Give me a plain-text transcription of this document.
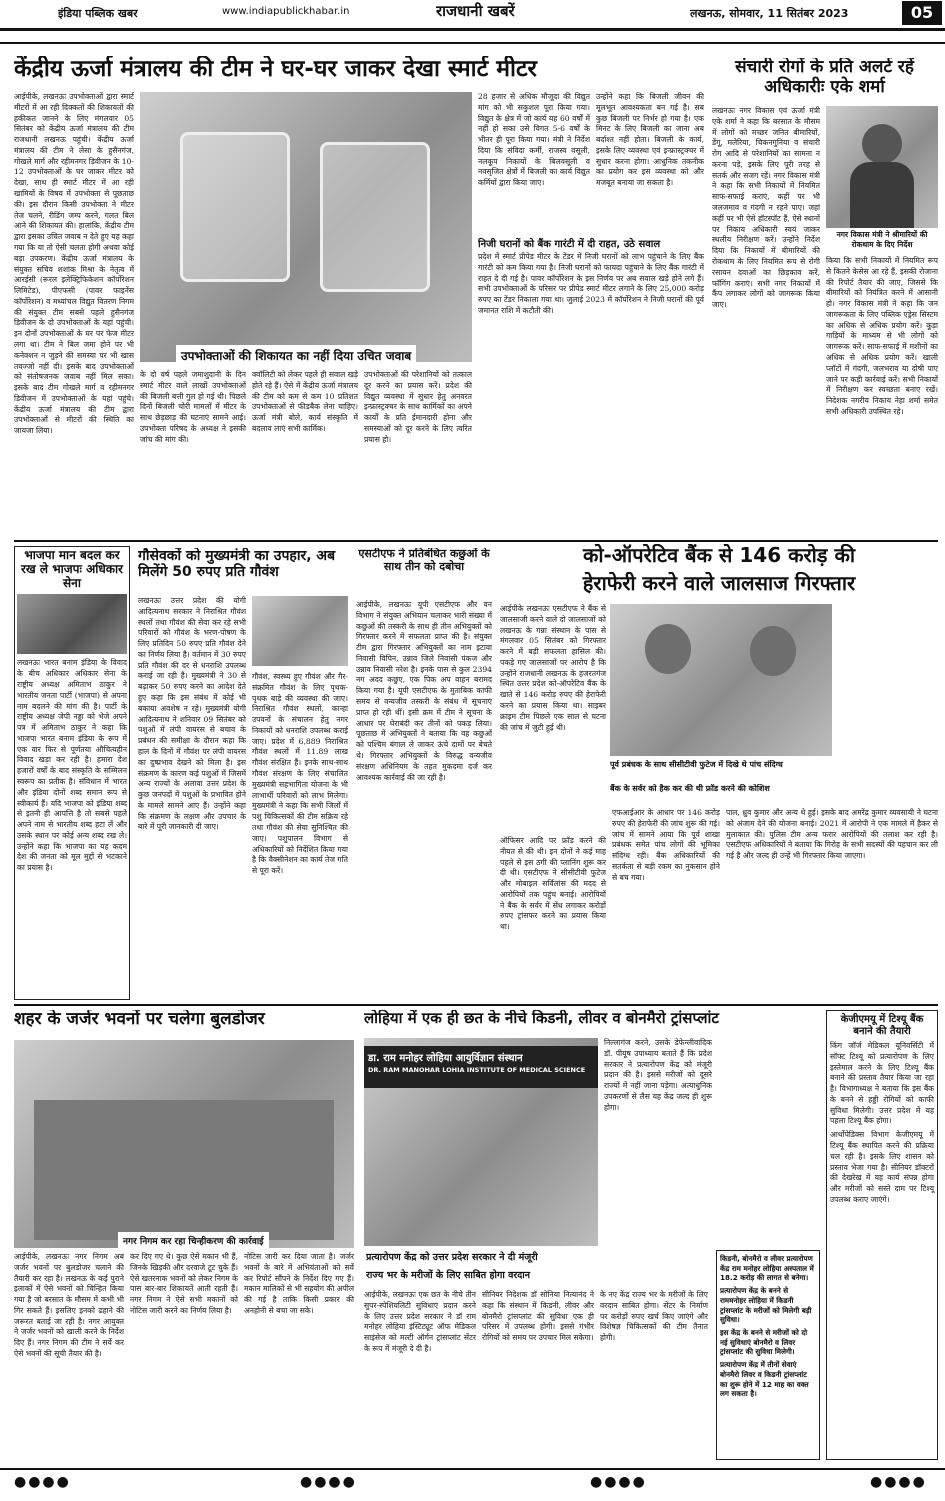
इंडिया पब्लिक खबर	www.indiapublickhabar.in	राजधानी खबरें	लखनऊ, सोमवार, 11 सितंबर 2023	05
केंद्रीय ऊर्जा मंत्रालय की टीम ने घर-घर जाकर देखा स्मार्ट मीटर
आईपीके, लखनऊः उपभोक्ताओं द्वारा स्मार्ट मीटरों में आ रही दिक्कतों की शिकायतों की हकीकत जानने के लिए मंगलवार 05 सितंबर को केंद्रीय ऊर्जा मंत्रालय की टीम राजधानी लखनऊ पहुंची। केंद्रीय ऊर्जा मंत्रालय की टीम ने लेसा के हुसैनगंज, गोखले मार्ग और रहीमनगर डिवीजन के 10-12 उपभोक्ताओं के घर जाकर मीटर को देखा, साथ ही स्मार्ट मीटर में आ रही खामियों के विषय में उपभोक्ता से पूछताछ की। इस दौरान किसी उपभोक्ता ने मीटर तेज चलने, रीडिंग जम्प करने, गलत बिल आने की शिकायत की। हालांकि, केंद्रीय टीम द्वारा इसका उचित जवाब न देते हुए यह कहा गया कि या तो ऐसी चलता होगी अथवा कोई बड़ा उपकरण। केंद्रीय ऊर्जा मंत्रालय के संयुक्त सचिव शशांक मिश्रा के नेतृत्व में आरईसी (रूरल इलेक्ट्रिफिकेशन कॉर्पोरेशन लिमिटेड), पीएफसी (पावर फाइनेंस कॉर्पोरेशन) व मध्यांचल विद्युत वितरण निगम की संयुक्त टीम सबसे पहले हुसैनगंज डिवीजन के दो उपभोक्ताओं के यहां पहुंची। इन दोनों उपभोक्ताओं के घर पर फेज मीटर लगा था। टीम ने बिल जमा होने पर भी कनेक्शन न जुड़ने की समस्या पर भी खास तवज्जो नहीं दी। इसके बाद उपभोक्ताओं को संतोषजनक जवाब नहीं मिल सका। इसके बाद टीम गोखले मार्ग व रहीमनगर डिवीजन में उपभोक्ताओं के यहां पहुंचे। केंद्रीय ऊर्जा मंत्रालय की टीम द्वारा उपभोक्ताओं से मीटरों की स्थिति का जायजा लिया।
उपभोक्ताओं की शिकायत का नहीं दिया उचित जवाब
28 हजार से अधिक मौजूदा की विद्युत मांग को भी सकुशल पूरा किया गया। विद्युत के क्षेत्र में जो कार्य यह 60 वर्षों में नहीं हो सका उसे विगत 5-6 वर्षों के भीतर ही पूरा किया गया। मंत्री ने निर्देश दिया कि संविदा कर्मी, राजस्व वसूली, नलकूप निकायों के बिलवसूली व नवसृजित क्षेत्रों में बिजली का कार्य विद्युत कर्मियों द्वारा किया जाए।
उन्होंने कहा कि बिजली जीवन की मूलभूत आवश्यकता बन गई है। सब कुछ बिजली पर निर्भर हो गया है। एक मिनट के लिए बिजली का जाना अब बर्दाश्त नहीं होता। बिजली के कार्य, इसके लिए व्यवस्था एवं इन्फ्रास्ट्रक्चर में सुधार करना होगा। आधुनिक तकनीक का प्रयोग कर इस व्यवस्था को और मजबूत बनाया जा सकता है।
निजी घरानों को बैंक गारंटी में दी राहत, उठे सवाल
प्रदेश में स्मार्ट प्रीपेड मीटर के टेंडर में निजी घरानों को लाभ पहुंचाने के लिए बैंक गारंटी को कम किया गया है। निजी घरानों को फायदा पहुंचाने के लिए बैंक गारंटी में राहत दे दी गई है। पावर कॉर्पोरेशन के इस निर्णय पर अब सवाल खड़े होने लगे हैं। सभी उपभोक्ताओं के परिसर पर प्रीपेड स्मार्ट मीटर लगाने के लिए 25,000 करोड़ रुपए का टेंडर निकाला गया था। जुलाई 2023 में कॉर्पोरेशन ने निजी घरानों की पूर्व जमानत राशि में कटौती की।
के दो वर्ष पहले जमाशुदानी के दिन स्मार्ट मीटर वाले लाखों उपभोक्ताओं की बिजली बत्ती गुल हो गई थी। पिछले दिनों बिजली चोरी मामलों में मीटर के साथ छेड़छाड़ की घटनाएं सामने आई। उपभोक्ता परिषद के अध्यक्ष ने इसकी जांच की मांग की।
क्वॉलिटी को लेकर पहले ही सवाल खड़े होते रहे हैं। ऐसे में केंद्रीय ऊर्जा मंत्रालय की टीम को कम से कम 10 प्रतिशत उपभोक्ताओं से फीडबैक लेना चाहिए। ऊर्जा मंत्री बोले, कार्य संस्कृति में बदलाव लाएं सभी कार्मिक।
उपभोक्ताओं की परेशानियों को तत्काल दूर करने का प्रयास करें। प्रदेश की विद्युत व्यवस्था में सुधार हेतु अनवरत इन्फ्रास्ट्रक्चर के साथ कार्मिकों का अपने कार्यों के प्रति ईमानदारी होना और समस्याओं को दूर करने के लिए त्वरित प्रयास हो।
संचारी रोगों के प्रति अलर्ट रहें अधिकारीः एके शर्मा
लखनऊः नगर विकास एवं ऊर्जा मंत्री एके शर्मा ने कहा कि बरसात के मौसम में लोगों को मच्छर जनित बीमारियों, डेंगू, मलेरिया, चिकनगुनिया व संचारी रोग आदि से परेशानियों का सामना न करना पड़े, इसके लिए पूरी तरह से सतर्क और सजग रहें। नगर विकास मंत्री ने कहा कि सभी निकायों में नियमित साफ-सफाई कराएं, कहीं पर भी जलजमाव व गंदगी न रहने पाए। जहां कहीं पर भी ऐसे हॉटस्पॉट हैं, ऐसे स्थानों पर निकाय अधिकारी स्वयं जाकर स्थलीय निरीक्षण करें। उन्होंने निर्देश दिया कि निकायों में बीमारियों की रोकथाम के लिए नियमित रूप से रोगी रसायन दवाओं का छिड़काव करें, फॉगिंग कराएं। सभी नगर निकायों में कैंप लगाकर लोगों को जागरूक किया जाए।
नगर विकास मंत्री ने श्रीमारियों की रोकथाम के दिए निर्देश
किया कि सभी निकायों में नियमित रूप से कितने केसेस आ रहे हैं, इसकी रोजाना की रिपोर्ट तैयार की जाए, जिससे कि बीमारियों को नियंत्रित करने में आसानी हो। नगर विकास मंत्री ने कहा कि जन जागरूकता के लिए पब्लिक एड्रेस सिस्टम का अधिक से अधिक प्रयोग करें। कूड़ा गाड़ियों के माध्यम से भी लोगों को जागरूक करें। साफ-सफाई में मशीनों का अधिक से अधिक प्रयोग करें। खाली प्लॉटों में गंदगी, जलभराव या दोषी पाए जाने पर कड़ी कार्रवाई करें। सभी निकायों में निरीक्षण कर स्वच्छता बनाए रखें। निदेशक नगरीय निकाय नेहा शर्मा समेत सभी अधिकारी उपस्थित रहे।
भाजपा मान बदल कर रख ले भाजपः अधिकार सेना
लखनऊः भारत बनाम इंडिया के विवाद के बीच अधिकार अधिकार सेना के राष्ट्रीय अध्यक्ष अमिताभ ठाकुर ने भारतीय जनता पार्टी (भाजपा) से अपना नाम बदलने की मांग की है। पार्टी के राष्ट्रीय अध्यक्ष जेपी नड्डा को भेजे अपने पत्र में अमिताभ ठाकुर ने कहा कि भाजपा भारत बनाम इंडिया के रूप में एक वार फिर से पूर्णतया औचित्यहीन विवाद खड़ा कर रही है। हमारा देश हजारों वर्षों के बाद संस्कृति के सम्मिलन स्वरूप का प्रतीक है। संविधान में भारत और इंडिया दोनों शब्द समान रूप से स्वीकार्य हैं। यदि भाजपा को इंडिया शब्द से इतनी ही आपत्ति है तो सबसे पहले अपने नाम से भारतीय शब्द हटा लें और उसके स्थान पर कोई अन्य शब्द रख ले। उन्होंने कहा कि भाजपा का यह कदम देश की जनता को मूल मुद्दों से भटकाने का प्रयास है।
गौसेवकों को मुख्यमंत्री का उपहार, अब मिलेंगे 50 रुपए प्रति गौवंश
लखनऊः उत्तर प्रदेश की योगी आदित्यनाथ सरकार ने निराश्रित गौवंश स्थलों तथा गौवंश की सेवा कर रहे सभी परिवारों को गौवंश के भरण-पोषण के लिए प्रतिदिन 50 रुपए प्रति गौवंश देने का निर्णय लिया है। वर्तमान में 30 रुपए प्रति गौवंश की दर से धनराशि उपलब्ध कराई जा रही है। मुख्यमंत्री ने 30 से बढ़ाकर 50 रुपए करने का आदेश देते हुए कहा कि इस संबंध में कोई भी बकाया अवशेष न रहे। मुख्यमंत्री योगी आदित्यनाथ ने शनिवार 09 सितंबर को पशुओं में लंपी वायरस से बचाव के प्रबंधन की समीक्षा के दौरान कहा कि हाल के दिनों में गौवंश पर लंपी वायरस का दुष्प्रभाव देखने को मिला है। इस संक्रमण के कारण कई पशुओं में जिसमें अन्य राज्यों के अलावा उत्तर प्रदेश के कुछ जनपदों में पशुओं के प्रभावित होने के मामले सामने आए हैं। उन्होंने कहा कि संक्रमण के लक्षण और उपचार के बारे में पूरी जानकारी दी जाए।
गौवंश, स्वस्थ्य हुए गौवंश और गैर-संक्रमित गौवंश के लिए पृथक-पृथक बाड़े की व्यवस्था की जाए। निराश्रित गौवंश स्थलों, कान्हा उपवनों के संचालन हेतु नगर निकायों को धनराशि उपलब्ध कराई जाए। प्रदेश में 6,889 निराश्रित गौवंश स्थलों में 11.89 लाख गौवंश संरक्षित हैं। इनके साथ-साथ गौवंश संरक्षण के लिए संचालित मुख्यमंत्री सहभागिता योजना के भी लाभार्थी परिवारों को लाभ मिलेगा। मुख्यमंत्री ने कहा कि सभी जिलों में पशु चिकित्सकों की टीम सक्रिय रहे तथा गौवंश की सेवा सुनिश्चित की जाए। पशुपालन विभाग से अधिकारियों को निर्देशित किया गया है कि वैक्सीनेशन का कार्य तेज गति से पूरा करें।
एसटीएफ ने प्रतिबंधित कछुओं के साथ तीन को दबोचा
आईपीके, लखनऊः यूपी एसटीएफ और वन विभाग ने संयुक्त अभियान चलाकर भारी संख्या में कछुओं की तस्करी के साथ ही तीन अभियुक्तों को गिरफ्तार करने में सफलता प्राप्त की है। संयुक्त टीम द्वारा गिरफ्तार अभियुक्तों का नाम इटावा निवासी विपिन, उन्नाव जिले निवासी पंकज और उन्नाव निवासी नरेश है। इनके पास से कुल 2394 नग अदद कछुए, एक पिक अप वाहन बरामद किया गया है। यूपी एसटीएफ के मुताबिक काफी समय से वन्यजीव तस्करी के संबंध में सूचनाएं प्राप्त हो रही थीं। इसी क्रम में टीम ने सूचना के आधार पर घेराबंदी कर तीनों को पकड़ लिया। पूछताछ में अभियुक्तों ने बताया कि वह कछुओं को पश्चिम बंगाल ले जाकर ऊंचे दामों पर बेचते थे। गिरफ्तार अभियुक्तों के विरुद्ध वन्यजीव संरक्षण अधिनियम के तहत मुकदमा दर्ज कर आवश्यक कार्रवाई की जा रही है।
को-ऑपरेटिव बैंक से 146 करोड़ की
हेराफेरी करने वाले जालसाज गिरफ्तार
आईपीके लखनऊः एसटीएफ ने बैंक से जालसाजी करने वाले दो जालसाजों को लखनऊ के गन्ना संस्थान के पास से मंगलवार 05 सितंबर को गिरफ्तार करने में बड़ी सफलता हासिल की। पकड़े गए जालसाजों पर आरोप है कि उन्होंने राजधानी लखनऊ के हजरतगंज स्थित उत्तर प्रदेश को-ऑपरेटिव बैंक के खाते से 146 करोड़ रुपए की हेराफेरी करने का प्रयास किया था। साइबर क्राइम टीम पिछले एक साल से घटना की जांच में जुटी हुई थी।
पूर्व प्रबंधक के साथ सीसीटीवी फुटेज में दिखे थे पांच संदिग्ध
बैंक के सर्वर को हैक कर की थी फ्रॉड करने की कोशिश
ऑफिसर आदि पर फ्रॉड करने की नीयत से की थी। इन दोनों ने कई माह पहले से इस ठगी की प्लानिंग शुरू कर दी थी। एसटीएफ ने सीसीटीवी फुटेज और मोबाइल सर्विलांस की मदद से आरोपियों तक पहुंच बनाई। आरोपियों ने बैंक के सर्वर में सेंध लगाकर करोड़ों रुपए ट्रांसफर करने का प्रयास किया था।
एफआईआर के आधार पर 146 करोड़ रुपए की हेराफेरी की जांच शुरू की गई। जांच में सामने आया कि पूर्व शाखा प्रबंधक समेत पांच लोगों की भूमिका संदिग्ध रही। बैंक अधिकारियों की सतर्कता से बड़ी रकम का नुकसान होने से बच गया।
पाल, ध्रुव कुमार और अन्य थे हुई। इसके बाद अमरेंद्र कुमार व्यवसायी ने घटना को अंजाम देने की योजना बनाई। 2021 में आरोपी ने एक मामले में हैकर से मुलाकात की। पुलिस टीम अन्य फरार आरोपियों की तलाश कर रही है। एसटीएफ अधिकारियों ने बताया कि गिरोह के सभी सदस्यों की पहचान कर ली गई है और जल्द ही उन्हें भी गिरफ्तार किया जाएगा।
शहर के जर्जर भवनों पर चलेगा बुलडोजर
नगर निगम कर रहा चिन्हीकरण की कार्रवाई
आईपीके, लखनऊः नगर निगम अब जर्जर भवनों पर बुलडोजर चलाने की तैयारी कर रहा है। लखनऊ के कई पुराने इलाकों में ऐसे भवनों को चिन्हित किया गया है जो बरसात के मौसम में कभी भी गिर सकते हैं। इसलिए इनको ढहाने की जरूरत बताई जा रही है। नगर आयुक्त ने जर्जर भवनों को खाली करने के निर्देश दिए हैं। नगर निगम की टीम ने सर्वे कर ऐसे भवनों की सूची तैयार की है।
कर दिए गए थे। कुछ ऐसे मकान भी हैं, जिनके खिड़की और दरवाजे टूट चुके हैं। ऐसे खतरनाक भवनों को लेकर निगम के पास बार-बार शिकायतें आती रहती हैं। नगर निगम ने ऐसे सभी मकानों को नोटिस जारी करने का निर्णय लिया है।
नोटिस जारी कर दिया जाता है। जर्जर भवनों के बारे में अभियंताओं को सर्वे कर रिपोर्ट सौंपने के निर्देश दिए गए हैं। मकान मालिकों से भी सहयोग की अपील की गई है ताकि किसी प्रकार की अनहोनी से बचा जा सके।
लोहिया में एक ही छत के नीचे किडनी, लीवर व बोनमैरो ट्रांसप्लांट
डा. राम मनोहर लोहिया आयुर्विज्ञान संस्थान
DR. RAM MANOHAR LOHIA INSTITUTE OF MEDICAL SCIENCE
प्रत्यारोपण केंद्र को उत्तर प्रदेश सरकार ने दी मंजूरी
राज्य भर के मरीजों के लिए साबित होगा वरदान
निल्लागंज करने, उसके डेफेन्लीवादिक डॉ. पीयूष उपाध्याय बताते हैं कि प्रदेश सरकार ने प्रत्यारोपण केंद्र को मंजूरी प्रदान की है। इससे मरीजों को दूसरे राज्यों में नहीं जाना पड़ेगा। अत्याधुनिक उपकरणों से लैस यह केंद्र जल्द ही शुरू होगा।
आईपीके, लखनऊः एक छत के नीचे तीन सुपर-स्पेशियलिटी सुविधाएं प्रदान करने के लिए उत्तर प्रदेश सरकार ने डॉ राम मनोहर लोहिया इंस्टिट्यूट ऑफ मेडिकल साइंसेज को मल्टी ऑर्गन ट्रांसप्लांट सेंटर के रूप में मंजूरी दे दी है।
सीनियर निदेशक डॉ सोनिया नित्यानंद ने कहा कि संस्थान में किडनी, लीवर और बोनमैरो ट्रांसप्लांट की सुविधा एक ही परिसर में उपलब्ध होगी। इससे गंभीर रोगियों को समय पर उपचार मिल सकेगा।
के नए केंद्र राज्य भर के मरीजों के लिए वरदान साबित होगा। सेंटर के निर्माण पर करोड़ों रुपए खर्च किए जाएंगे और विशेषज्ञ चिकित्सकों की टीम तैनात होगी।
किडनी, बोनमैरो व लीवर प्रत्यारोपण केंद्र राम मनोहर लोहिया अस्पताल में 18.2 करोड़ की लागत से बनेगा।
प्रत्यारोपण केंद्र के बनने से राममनोहर लोहिया में किडनी ट्रांसप्लांट के मरीजों को मिलेगी बड़ी सुविधा।
इस केंद्र के बनने से मरीजों को दो नई सुविधाएं बोनमैरो व लिवर ट्रांसप्लांट की सुविधा मिलेगी।
प्रत्यारोपण केंद्र में तीनों सेवाएं बोनमैरो लिवर व किडनी ट्रांसप्लांट का शुरू होने में 12 माह का वक्त लग सकता है।
केजीएमयू में टिश्यू बैंक बनाने की तैयारी
किंग जॉर्ज मेडिकल यूनिवर्सिटी में सॉफ्ट टिश्यू को प्रत्यारोपण के लिए इस्तेमाल करने के लिए टिश्यू बैंक बनाने की प्रस्ताव तैयार किया जा रहा है। विभागाध्यक्ष ने बताया कि इस बैंक के बनने से हड्डी रोगियों को काफी सुविधा मिलेगी। उत्तर प्रदेश में यह पहला टिश्यू बैंक होगा।
आर्थोपेडिक्स विभाग केजीएमयू में टिश्यू बैंक स्थापित करने की प्रक्रिया चल रही है। इसके लिए शासन को प्रस्ताव भेजा गया है। सीनियर डॉक्टरों की देखरेख में यह कार्य संपन्न होगा और मरीजों को सस्ते दाम पर टिश्यू उपलब्ध कराए जाएंगे।
●●●●	●●●●	●●●●	●●●●
